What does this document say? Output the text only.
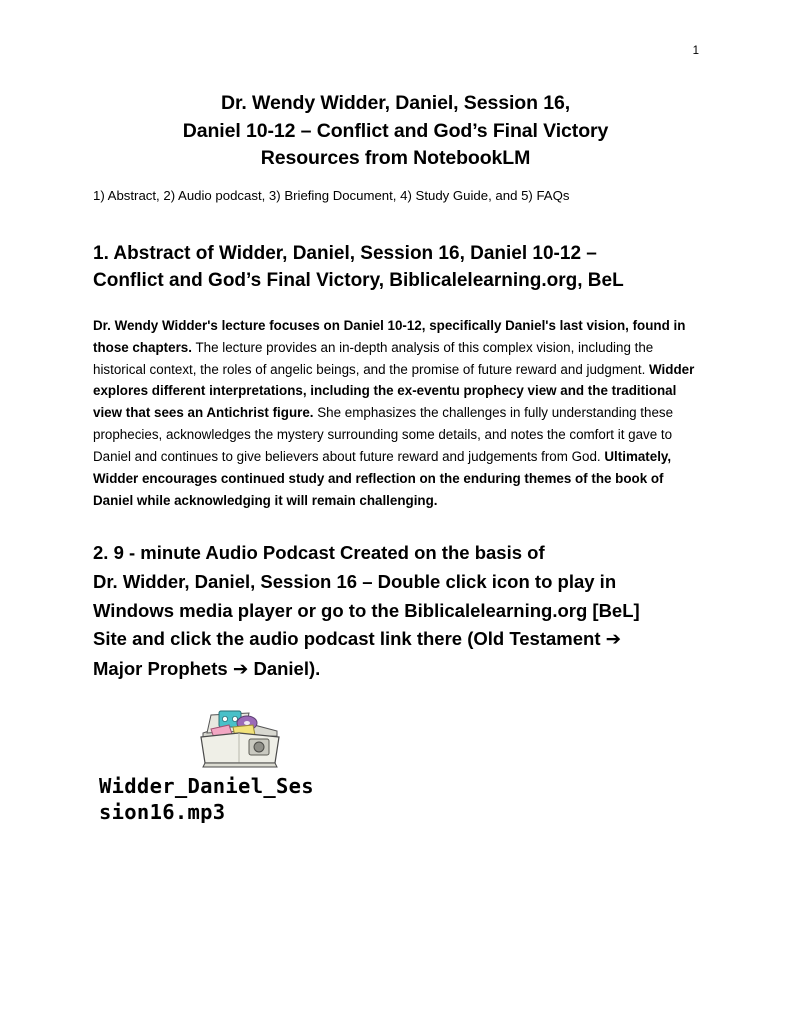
1
Dr. Wendy Widder, Daniel, Session 16,
Daniel 10-12 – Conflict and God’s Final Victory
Resources from NotebookLM
1) Abstract, 2) Audio podcast, 3) Briefing Document, 4) Study Guide, and 5) FAQs
1. Abstract of Widder, Daniel, Session 16, Daniel 10-12 –
Conflict and God’s Final Victory, Biblicalelearning.org, BeL

Dr. Wendy Widder's lecture focuses on Daniel 10-12, specifically Daniel's last vision, found in those chapters. The lecture provides an in-depth analysis of this complex vision, including the historical context, the roles of angelic beings, and the promise of future reward and judgment. Widder explores different interpretations, including the ex-eventu prophecy view and the traditional view that sees an Antichrist figure. She emphasizes the challenges in fully understanding these prophecies, acknowledges the mystery surrounding some details, and notes the comfort it gave to Daniel and continues to give believers about future reward and judgements from God. Ultimately, Widder encourages continued study and reflection on the enduring themes of the book of Daniel while acknowledging it will remain challenging.

2. 9 - minute Audio Podcast Created on the basis of
Dr. Widder, Daniel, Session 16 – Double click icon to play in
Windows media player or go to the Biblicalelearning.org [BeL]
Site and click the audio podcast link there (Old Testament ➔
Major Prophets ➔ Daniel).
Widder_Daniel_Ses
sion16.mp3
